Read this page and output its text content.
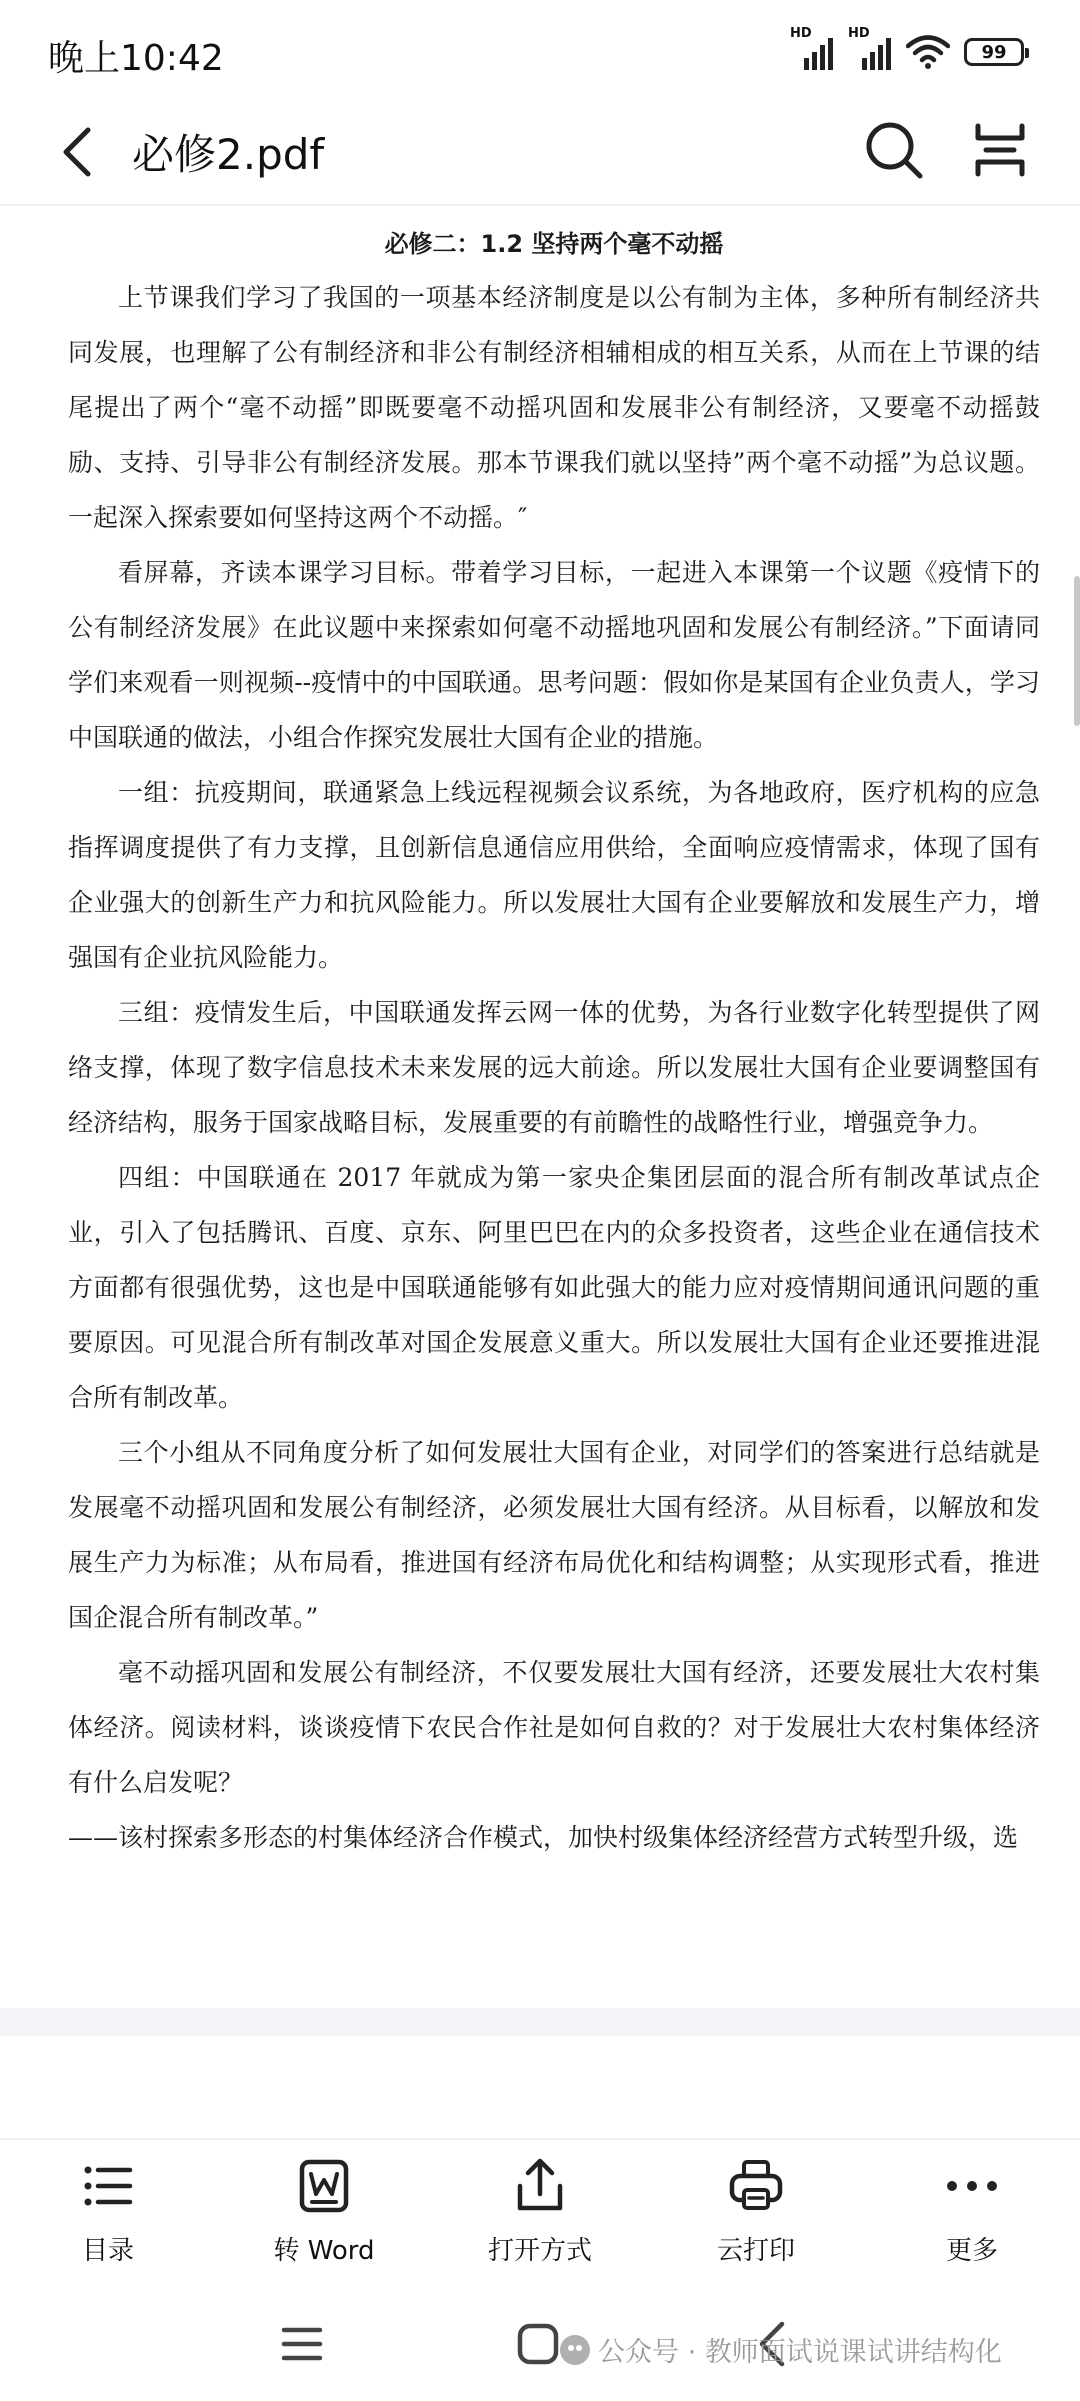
晚上10:42
HD	HD
99
必修2.pdf
必修二：1.2 坚持两个毫不动摇

上节课我们学习了我国的一项基本经济制度是以公有制为主体，多种所有制经济共同发展，也理解了公有制经济和非公有制经济相辅相成的相互关系，从而在上节课的结尾提出了两个“毫不动摇”即既要毫不动摇巩固和发展非公有制经济，又要毫不动摇鼓励、支持、引导非公有制经济发展。那本节课我们就以坚持”两个毫不动摇”为总议题。一起深入探索要如何坚持这两个不动摇。″

看屏幕，齐读本课学习目标。带着学习目标，一起进入本课第一个议题《疫情下的公有制经济发展》在此议题中来探索如何毫不动摇地巩固和发展公有制经济。”下面请同学们来观看一则视频--疫情中的中国联通。思考问题：假如你是某国有企业负责人，学习中国联通的做法，小组合作探究发展壮大国有企业的措施。

一组：抗疫期间，联通紧急上线远程视频会议系统，为各地政府，医疗机构的应急指挥调度提供了有力支撑，且创新信息通信应用供给，全面响应疫情需求，体现了国有企业强大的创新生产力和抗风险能力。所以发展壮大国有企业要解放和发展生产力，增强国有企业抗风险能力。

三组：疫情发生后，中国联通发挥云网一体的优势，为各行业数字化转型提供了网络支撑，体现了数字信息技术未来发展的远大前途。所以发展壮大国有企业要调整国有经济结构，服务于国家战略目标，发展重要的有前瞻性的战略性行业，增强竞争力。

四组：中国联通在 2017 年就成为第一家央企集团层面的混合所有制改革试点企业，引入了包括腾讯、百度、京东、阿里巴巴在内的众多投资者，这些企业在通信技术方面都有很强优势，这也是中国联通能够有如此强大的能力应对疫情期间通讯问题的重要原因。可见混合所有制改革对国企发展意义重大。所以发展壮大国有企业还要推进混合所有制改革。

三个小组从不同角度分析了如何发展壮大国有企业，对同学们的答案进行总结就是发展毫不动摇巩固和发展公有制经济，必须发展壮大国有经济。从目标看，以解放和发展生产力为标准；从布局看，推进国有经济布局优化和结构调整；从实现形式看，推进国企混合所有制改革。”

毫不动摇巩固和发展公有制经济，不仅要发展壮大国有经济，还要发展壮大农村集体经济。阅读材料，谈谈疫情下农民合作社是如何自救的？对于发展壮大农村集体经济有什么启发呢？

——该村探索多形态的村集体经济合作模式，加快村级集体经济经营方式转型升级，选

目录	转 Word	打开方式	云打印	更多
公众号 · 教师面试说课试讲结构化
